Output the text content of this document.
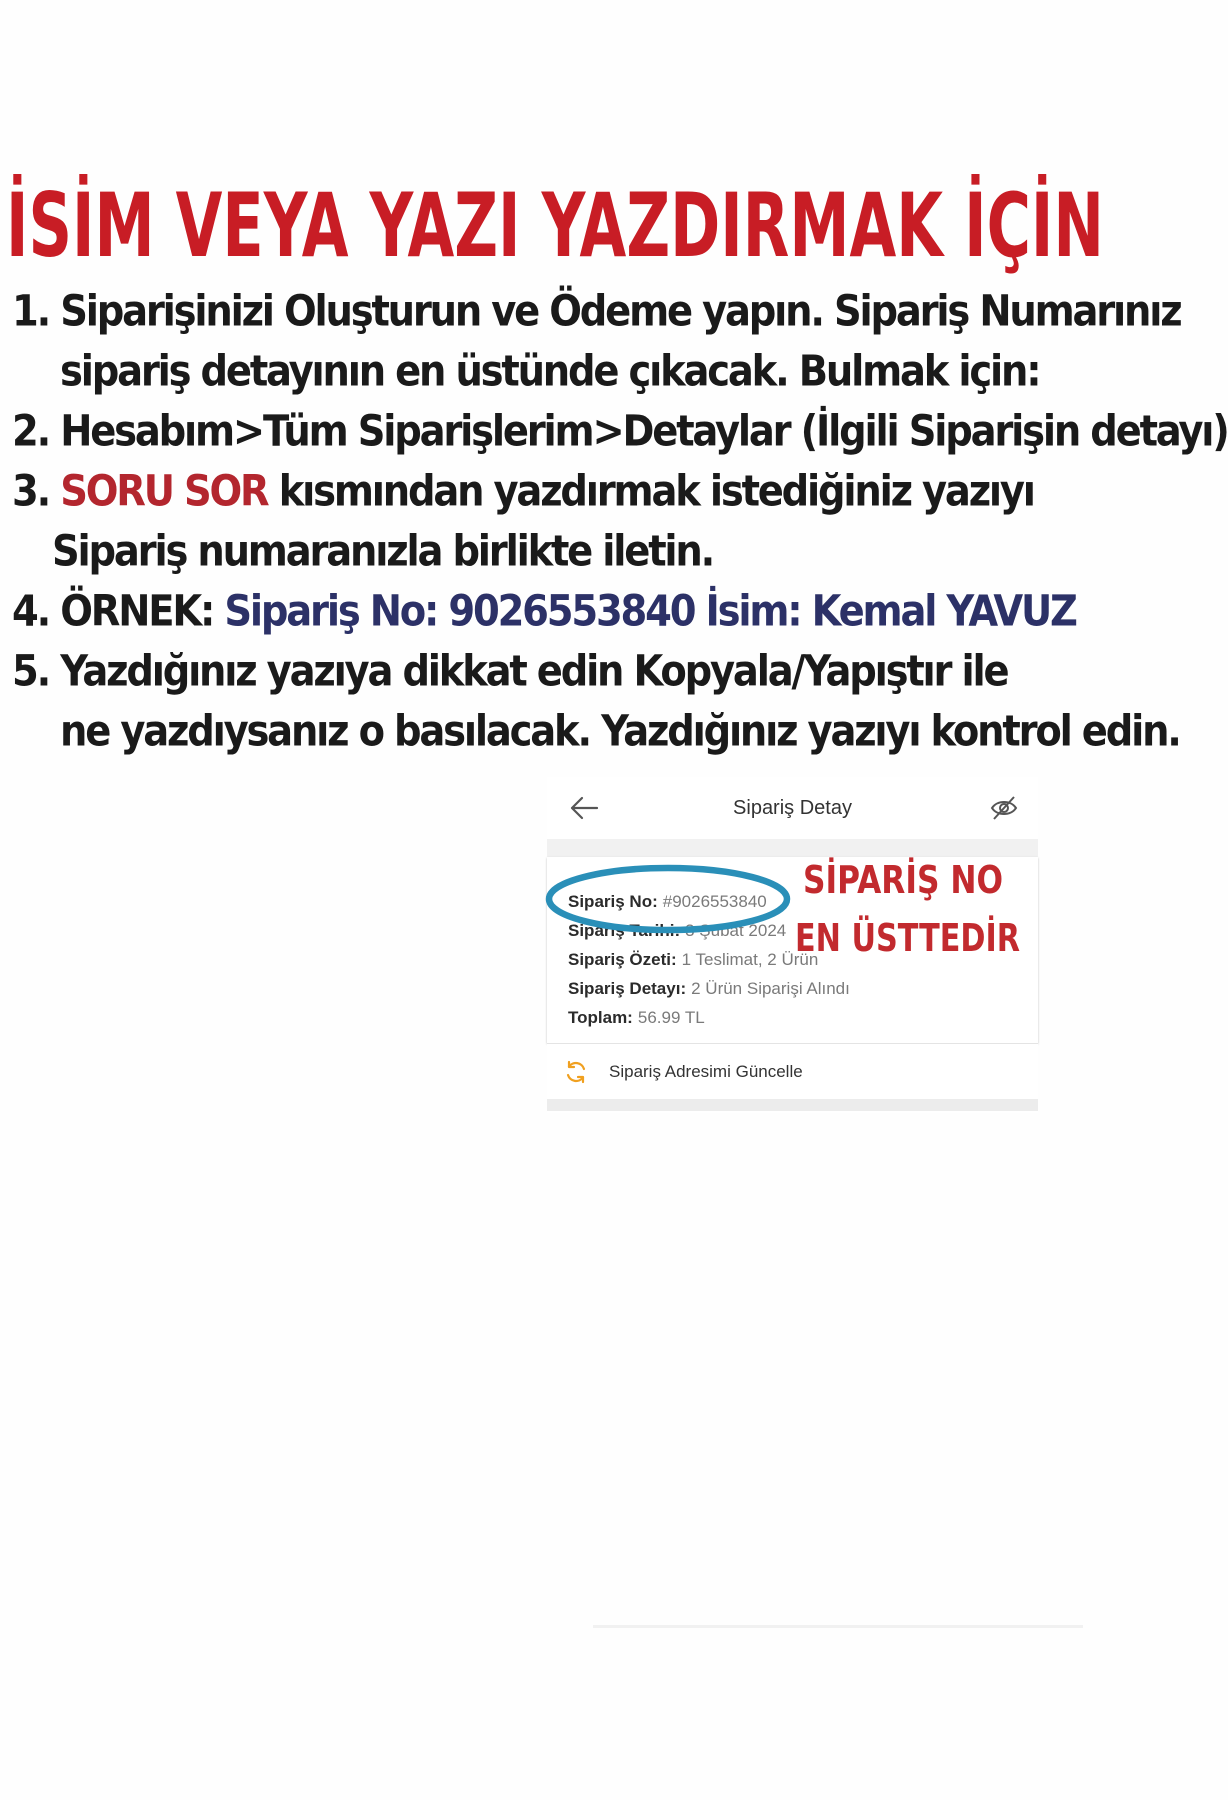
İSİM VEYA YAZI YAZDIRMAK İÇİN
1. Siparişinizi Oluşturun ve Ödeme yapın. Sipariş Numarınız
sipariş detayının en üstünde çıkacak. Bulmak için:
2. Hesabım>Tüm Siparişlerim>Detaylar (İlgili Siparişin detayı)
3. SORU SOR kısmından yazdırmak istediğiniz yazıyı
Sipariş numaranızla birlikte iletin.
4. ÖRNEK: Sipariş No: 9026553840 İsim: Kemal YAVUZ
5. Yazdığınız yazıya dikkat edin Kopyala/Yapıştır ile
ne yazdıysanız o basılacak. Yazdığınız yazıyı kontrol edin.
Sipariş Detay
Sipariş No: #9026553840
Sipariş Tarihi: 3 Şubat 2024
Sipariş Özeti: 1 Teslimat, 2 Ürün
Sipariş Detayı: 2 Ürün Siparişi Alındı
Toplam: 56.99 TL
SİPARİŞ NO
EN ÜSTTEDİR
Sipariş Adresimi Güncelle
